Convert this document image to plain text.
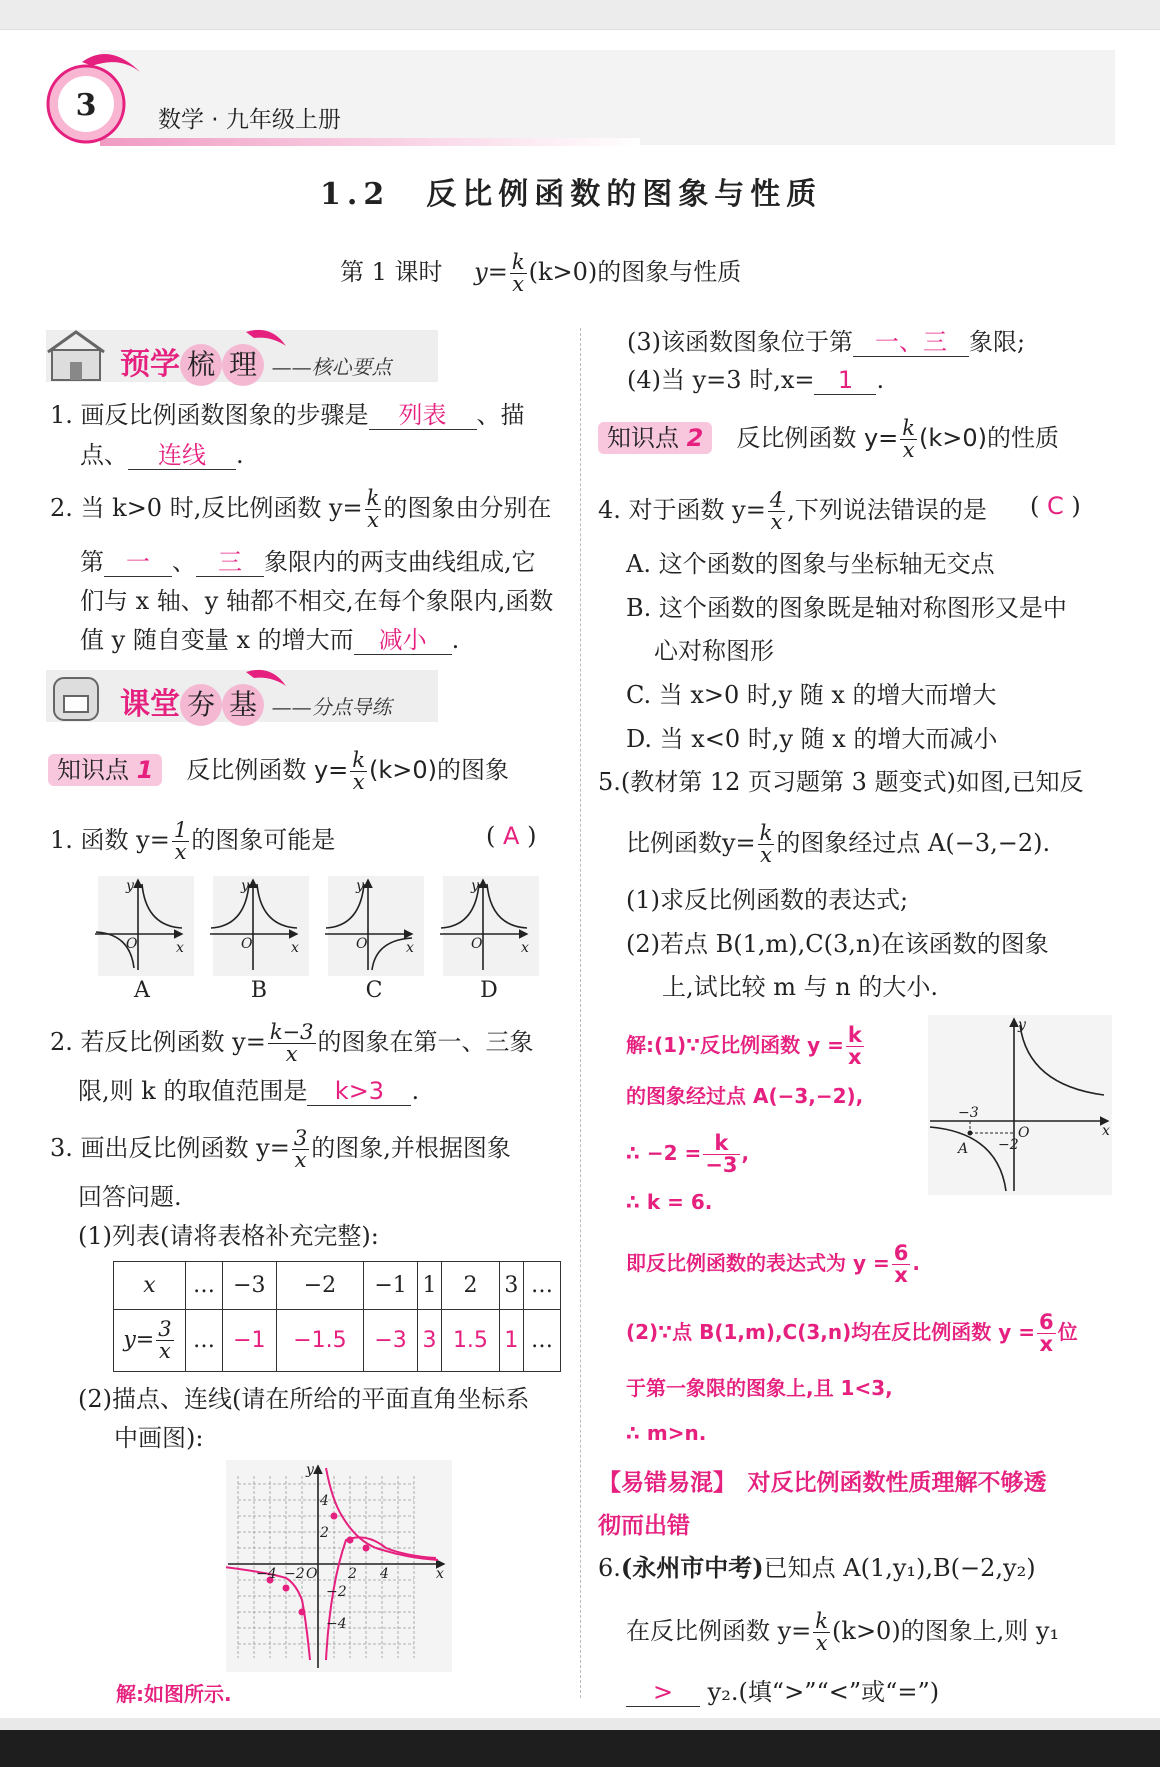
3	数学 · 九年级上册
1.2　反比例函数的图象与性质
第 1 课时　 $y= \frac{k}{x} (k>0)$的图象与性质
预学 梳 理 ——核心要点
1. 画反比例函数图象的步骤是 列表 、描
点、 连线 .
2. 当 k>0 时,反比例函数 $y= \frac{k}{x}$ 的图象由分别在
第 一 、 三 象限内的两支曲线组成,它
们与 x 轴、y 轴都不相交,在每个象限内,函数
值 y 随自变量 x 的增大而 减小 .
课堂 夯 基 ——分点导练
知识点 1　 反比例函数 $y= \frac{k}{x} (k>0)$的图象
1. 函数 $y= \frac{1}{x}$ 的图象可能是	( A )
y
x
O
y
x
O
y
x
O
y
x
O
A	B	C	D
2. 若反比例函数 $y= \frac{k-3}{x}$ 的图象在第一、三象
限,则 k 的取值范围是 k>3 .
3. 画出反比例函数 $y= \frac{3}{x}$ 的图象,并根据图象
回答问题.
(1)列表(请将表格补充完整):
x	…	−3	−2	−1	1	2	3	…
$y= \frac{3}{x}$	…	−1	−1.5	−3	3	1.5	1	…
(2)描点、连线(请在所给的平面直角坐标系
中画图):
y
x
O
4
2
−2
−4
−4 −2	2 4
解:如图所示.
(3)该函数图象位于第 一、三 象限;
(4)当 y=3 时,x= 1 .
知识点 2　 反比例函数 $y= \frac{k}{x} (k>0)$的性质
4. 对于函数 $y= \frac{4}{x}$ ,下列说法错误的是 ( C )
A. 这个函数的图象与坐标轴无交点
B. 这个函数的图象既是轴对称图形又是中
心对称图形
C. 当 x>0 时,y 随 x 的增大而增大
D. 当 x<0 时,y 随 x 的增大而减小
5.(教材第 12 页习题第 3 题变式)如图,已知反
比例函数$y= \frac{k}{x}$ 的图象经过点 A(−3,−2).
(1)求反比例函数的表达式;
(2)若点 B(1,m),C(3,n)在该函数的图象
上,试比较 m 与 n 的大小.
解:(1)∵反比例函数 $y = \frac{k}{x}$
的图象经过点 A(−3,−2),
∴ $-2 = \frac{k}{-3}$ ,
∴ k = 6.
即反比例函数的表达式为 $y = \frac{6}{x}$ .
(2)∵点 B(1,m),C(3,n)均在反比例函数 $y = \frac{6}{x}$ 位
于第一象限的图象上,且 1<3,
∴ m>n.
y
x
O
−3
−2
A
【易错易混】　 对反比例函数性质理解不够透
彻而出错
6.(永州市中考)已知点 A(1,y₁),B(−2,y₂)
在反比例函数 $y= \frac{k}{x} (k>0)$的图象上,则 y₁
> y₂.(填“>”“<”或“=”)
